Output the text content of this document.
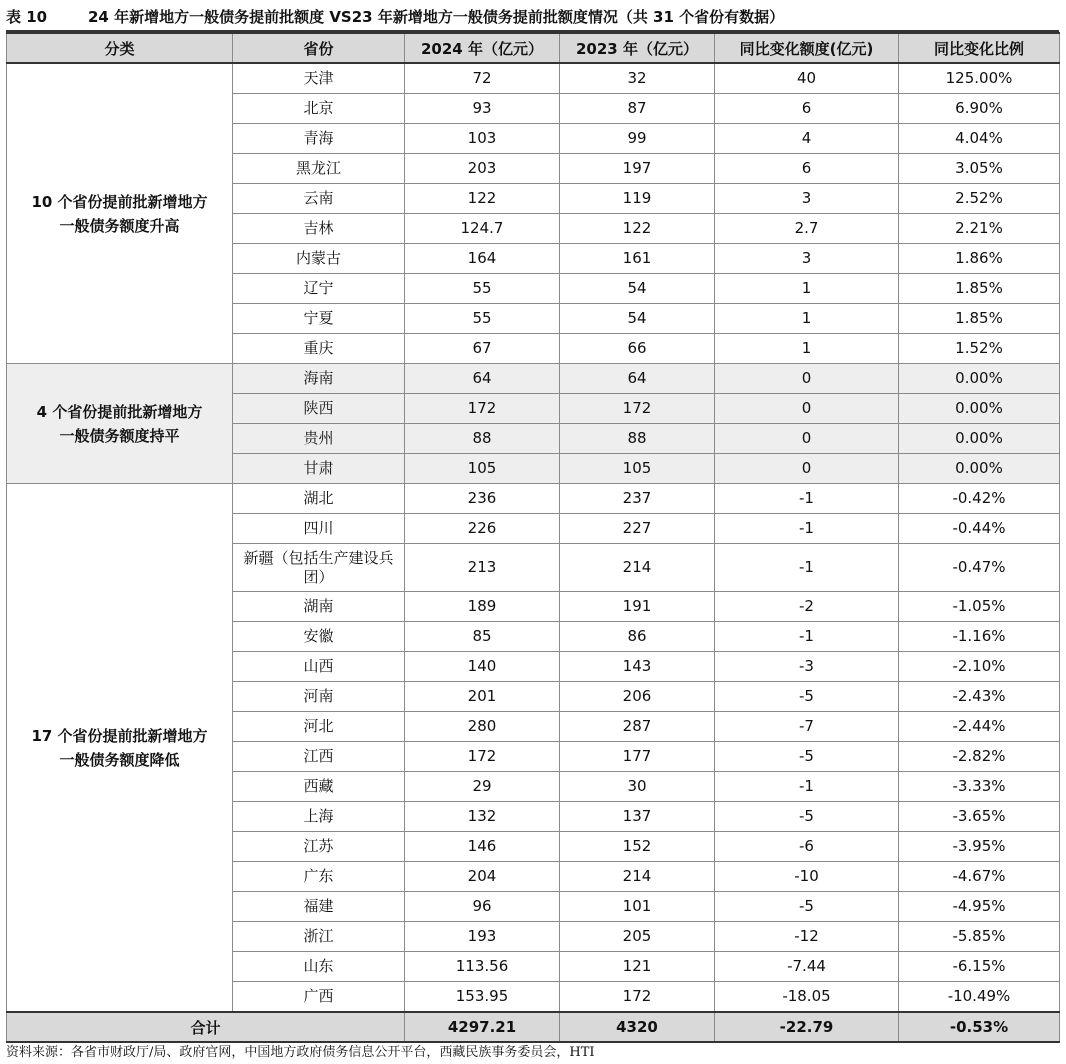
表 10	24 年新增地方一般债务提前批额度 VS23 年新增地方一般债务提前批额度情况（共 31 个省份有数据）
分类	省份	2024 年（亿元）	2023 年（亿元）	同比变化额度(亿元)	同比变化比例
10 个省份提前批新增地方
一般债务额度升高	天津	72	32	40	125.00%
	北京	93	87	6	6.90%
	青海	103	99	4	4.04%
	黑龙江	203	197	6	3.05%
	云南	122	119	3	2.52%
	吉林	124.7	122	2.7	2.21%
	内蒙古	164	161	3	1.86%
	辽宁	55	54	1	1.85%
	宁夏	55	54	1	1.85%
	重庆	67	66	1	1.52%
4 个省份提前批新增地方
一般债务额度持平	海南	64	64	0	0.00%
	陕西	172	172	0	0.00%
	贵州	88	88	0	0.00%
	甘肃	105	105	0	0.00%
17 个省份提前批新增地方
一般债务额度降低	湖北	236	237	-1	-0.42%
	四川	226	227	-1	-0.44%
	新疆（包括生产建设兵团）	213	214	-1	-0.47%
	湖南	189	191	-2	-1.05%
	安徽	85	86	-1	-1.16%
	山西	140	143	-3	-2.10%
	河南	201	206	-5	-2.43%
	河北	280	287	-7	-2.44%
	江西	172	177	-5	-2.82%
	西藏	29	30	-1	-3.33%
	上海	132	137	-5	-3.65%
	江苏	146	152	-6	-3.95%
	广东	204	214	-10	-4.67%
	福建	96	101	-5	-4.95%
	浙江	193	205	-12	-5.85%
	山东	113.56	121	-7.44	-6.15%
	广西	153.95	172	-18.05	-10.49%
合计		4297.21	4320	-22.79	-0.53%
资料来源：各省市财政厅/局、政府官网，中国地方政府债务信息公开平台，西藏民族事务委员会，HTI
